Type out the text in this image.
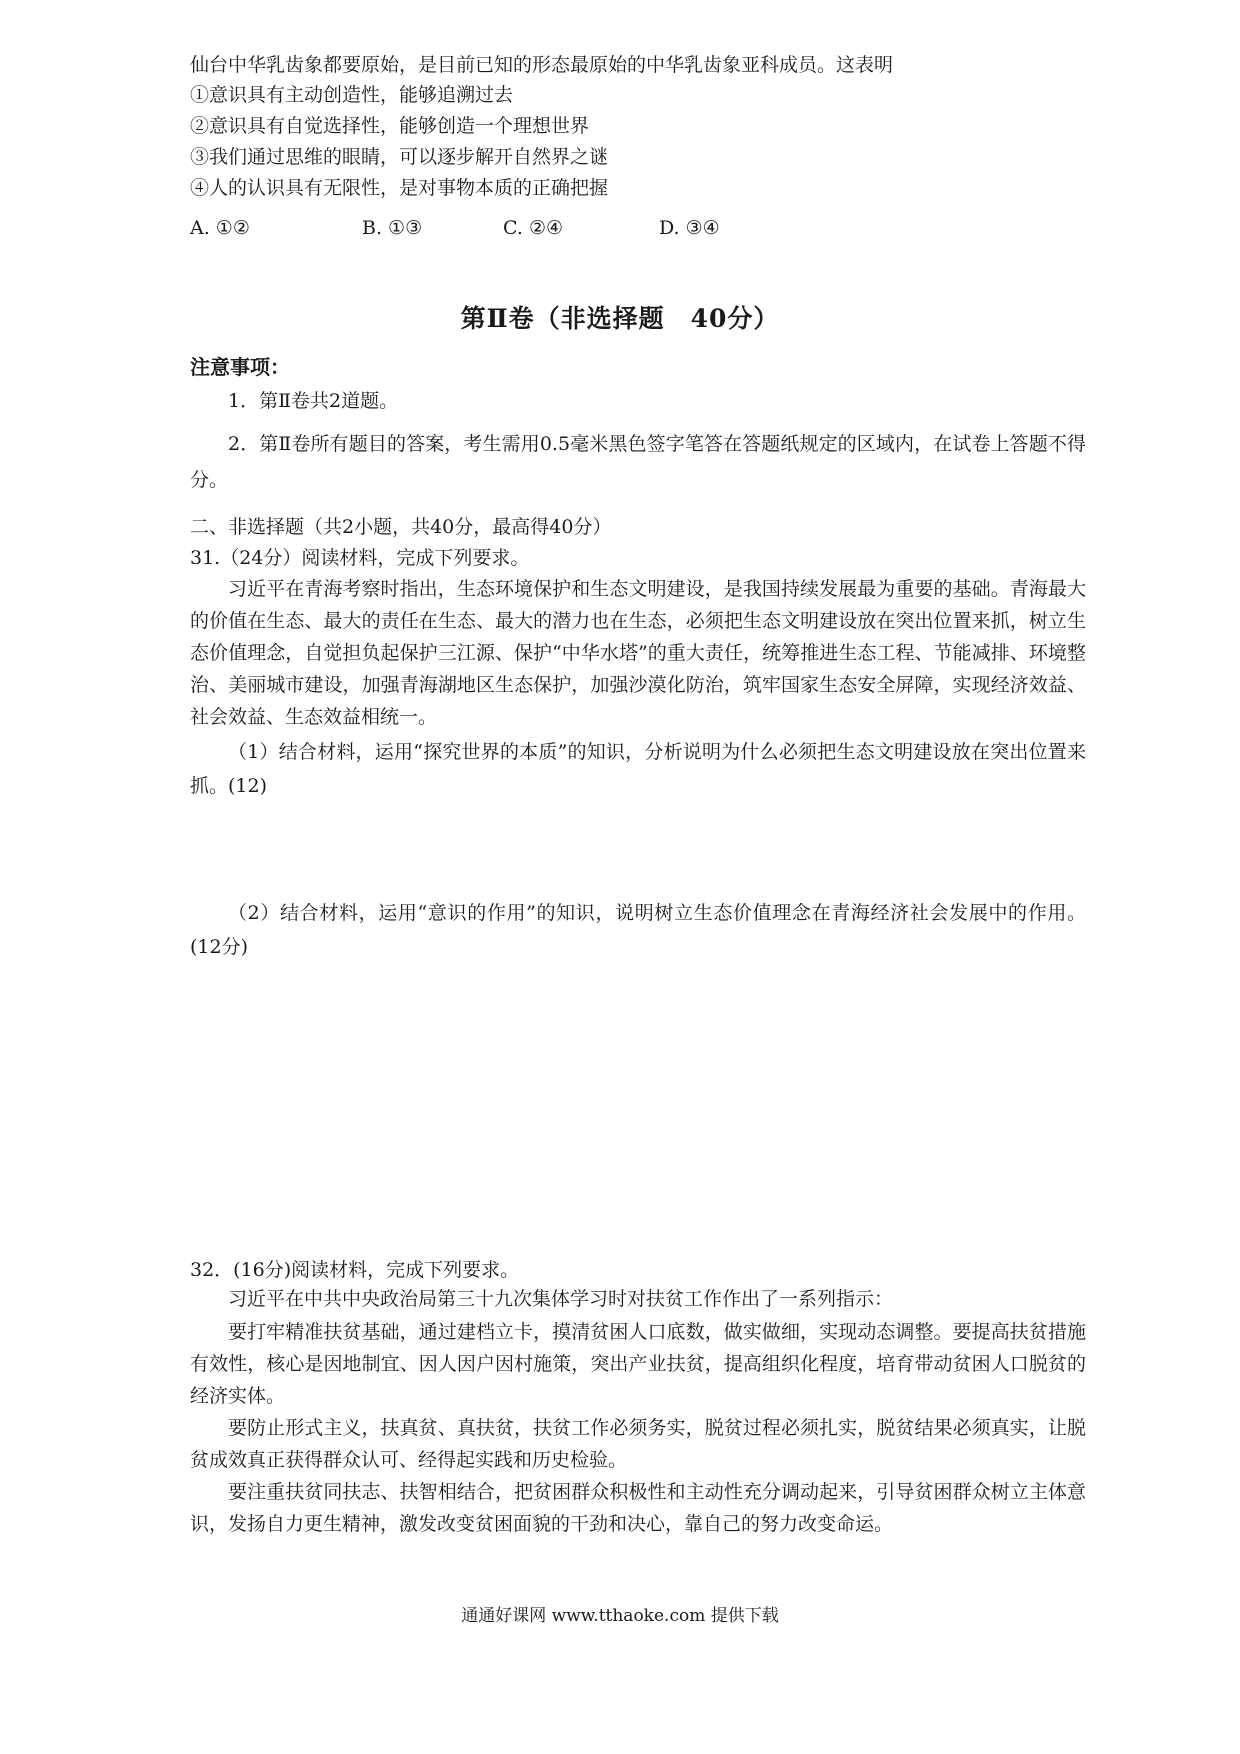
仙台中华乳齿象都要原始，是目前已知的形态最原始的中华乳齿象亚科成员。这表明
①意识具有主动创造性，能够追溯过去
②意识具有自觉选择性，能够创造一个理想世界
③我们通过思维的眼睛，可以逐步解开自然界之谜
④人的认识具有无限性，是对事物本质的正确把握
A. ①②	B. ①③	C. ②④	D. ③④
第Ⅱ卷（非选择题　40分）
注意事项：
1．第Ⅱ卷共2道题。
2．第Ⅱ卷所有题目的答案，考生需用0.5毫米黑色签字笔答在答题纸规定的区域内，在试卷上答题不得分。
二、非选择题（共2小题，共40分，最高得40分）
31.（24分）阅读材料，完成下列要求。
习近平在青海考察时指出，生态环境保护和生态文明建设，是我国持续发展最为重要的基础。青海最大的价值在生态、最大的责任在生态、最大的潜力也在生态，必须把生态文明建设放在突出位置来抓，树立生态价值理念，自觉担负起保护三江源、保护“中华水塔”的重大责任，统筹推进生态工程、节能减排、环境整治、美丽城市建设，加强青海湖地区生态保护，加强沙漠化防治，筑牢国家生态安全屏障，实现经济效益、社会效益、生态效益相统一。
（1）结合材料，运用“探究世界的本质”的知识，分析说明为什么必须把生态文明建设放在突出位置来抓。(12)
（2）结合材料，运用“意识的作用”的知识，说明树立生态价值理念在青海经济社会发展中的作用。(12分)
32．(16分)阅读材料，完成下列要求。
习近平在中共中央政治局第三十九次集体学习时对扶贫工作作出了一系列指示：
要打牢精准扶贫基础，通过建档立卡，摸清贫困人口底数，做实做细，实现动态调整。要提高扶贫措施有效性，核心是因地制宜、因人因户因村施策，突出产业扶贫，提高组织化程度，培育带动贫困人口脱贫的经济实体。
要防止形式主义，扶真贫、真扶贫，扶贫工作必须务实，脱贫过程必须扎实，脱贫结果必须真实，让脱贫成效真正获得群众认可、经得起实践和历史检验。
要注重扶贫同扶志、扶智相结合，把贫困群众积极性和主动性充分调动起来，引导贫困群众树立主体意识，发扬自力更生精神，激发改变贫困面貌的干劲和决心，靠自己的努力改变命运。
通通好课网 www.tthaoke.com 提供下载
